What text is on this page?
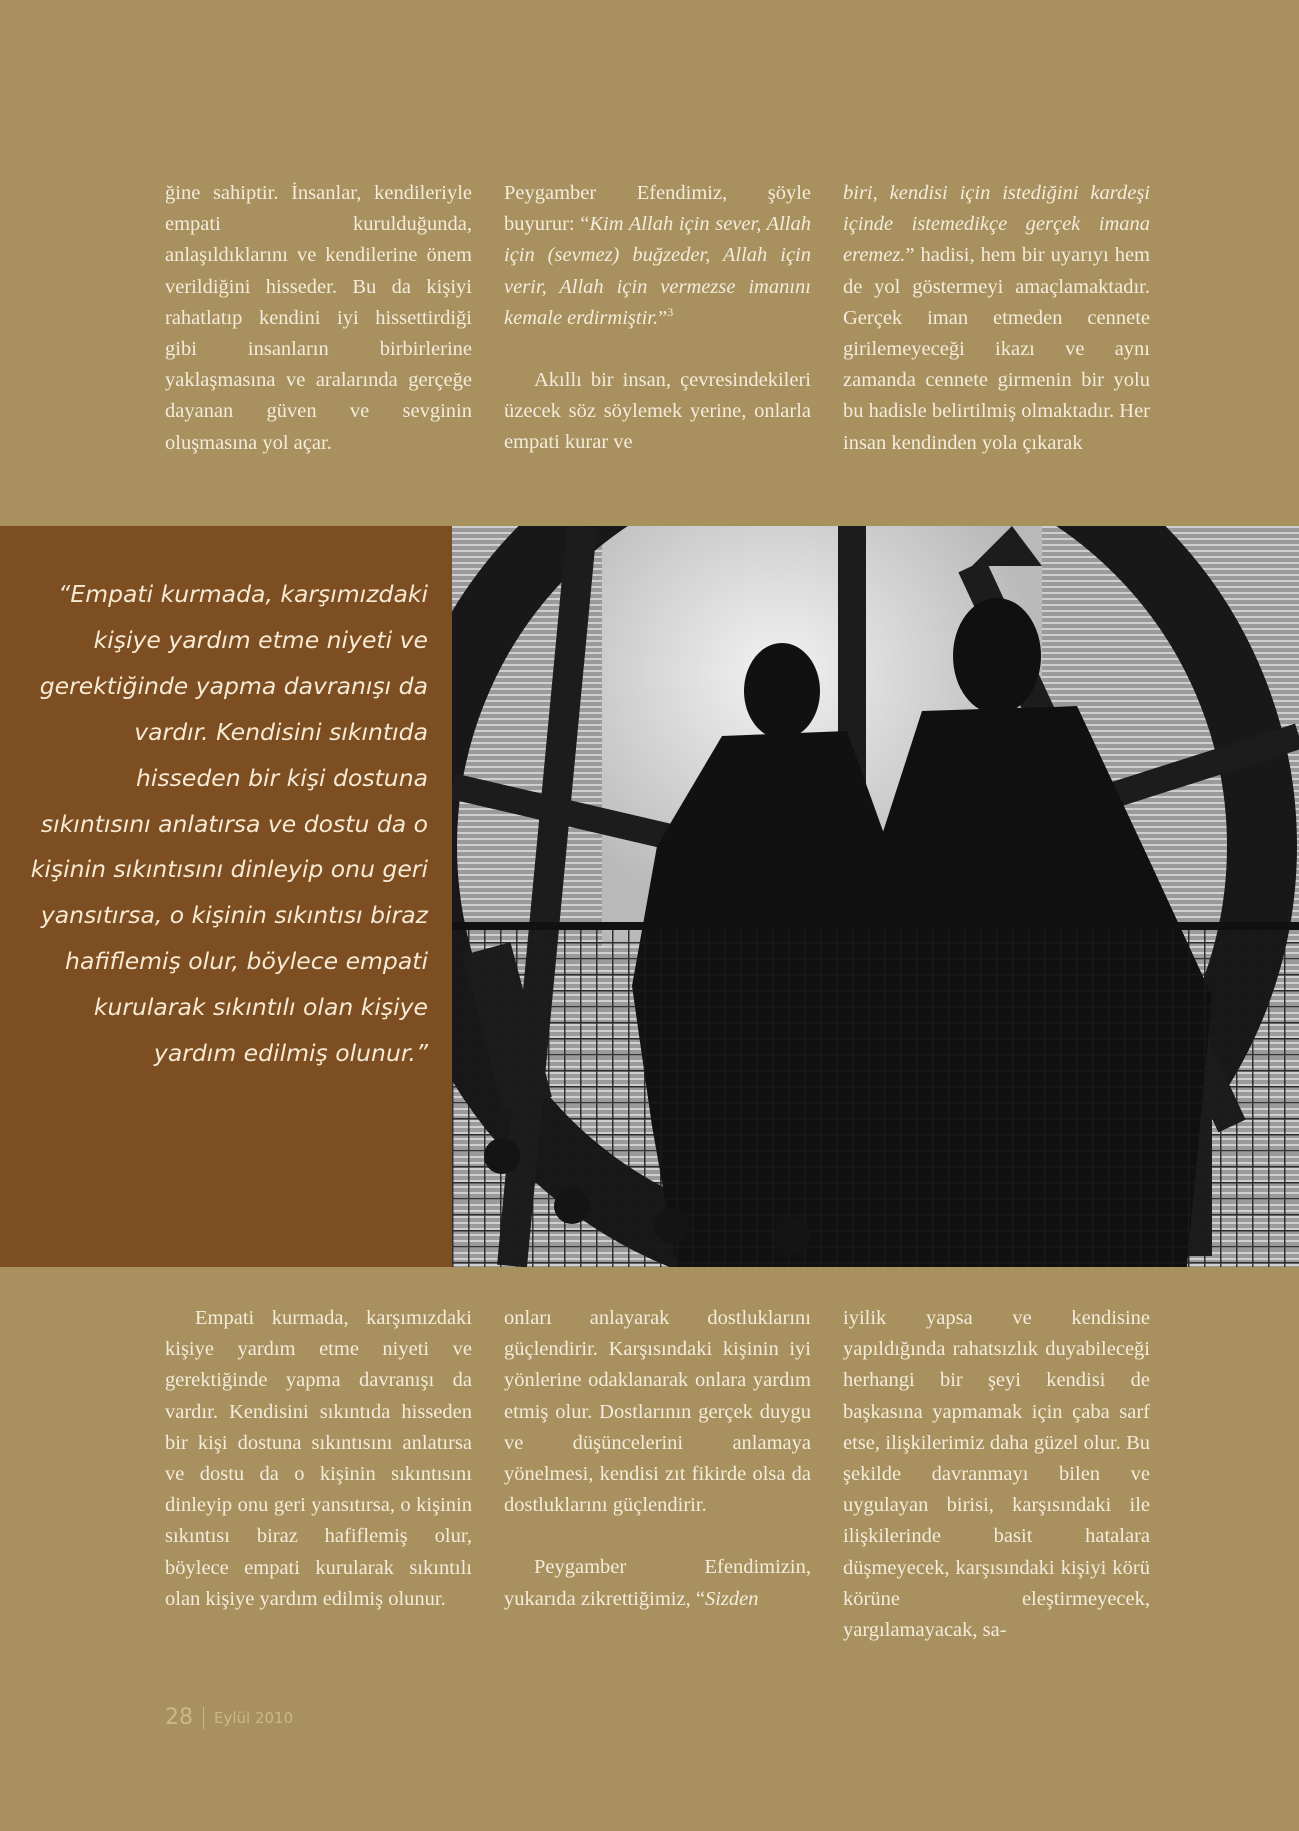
ğine sahiptir. İnsanlar, kendileriyle empati kurulduğunda, anlaşıldıklarını ve kendilerine önem verildiğini hisseder. Bu da kişiyi rahatlatıp kendini iyi hissettirdiği gibi insanların birbirlerine yaklaşmasına ve aralarında gerçeğe dayanan güven ve sevginin oluşmasına yol açar.

Peygamber Efendimiz, şöyle buyurur: “Kim Allah için sever, Allah için (sevmez) buğzeder, Allah için verir, Allah için vermezse imanını kemale erdirmiştir.”$^3$

Akıllı bir insan, çevresindekileri üzecek söz söylemek yerine, onlarla empati kurar ve

biri, kendisi için istediğini kardeşi içinde istemedikçe gerçek imana eremez.” hadisi, hem bir uyarıyı hem de yol göstermeyi amaçlamaktadır. Gerçek iman etmeden cennete girilemeyeceği ikazı ve aynı zamanda cennete girmenin bir yolu bu hadisle belirtilmiş olmaktadır. Her insan kendinden yola çıkarak

“Empati kurmada, karşımızdaki kişiye yardım etme niyeti ve gerektiğinde yapma davranışı da vardır. Kendisini sıkıntıda hisseden bir kişi dostuna sıkıntısını anlatırsa ve dostu da o kişinin sıkıntısını dinleyip onu geri yansıtırsa, o kişinin sıkıntısı biraz hafiflemiş olur, böylece empati kurularak sıkıntılı olan kişiye yardım edilmiş olunur.”

Empati kurmada, karşımızdaki kişiye yardım etme niyeti ve gerektiğinde yapma davranışı da vardır. Kendisini sıkıntıda hisseden bir kişi dostuna sıkıntısını anlatırsa ve dostu da o kişinin sıkıntısını dinleyip onu geri yansıtırsa, o kişinin sıkıntısı biraz hafiflemiş olur, böylece empati kurularak sıkıntılı olan kişiye yardım edilmiş olunur.

onları anlayarak dostluklarını güçlendirir. Karşısındaki kişinin iyi yönlerine odaklanarak onlara yardım etmiş olur. Dostlarının gerçek duygu ve düşüncelerini anlamaya yönelmesi, kendisi zıt fikirde olsa da dostluklarını güçlendirir.

Peygamber Efendimizin, yukarıda zikrettiğimiz, “Sizden

iyilik yapsa ve kendisine yapıldığında rahatsızlık duyabileceği herhangi bir şeyi kendisi de başkasına yapmamak için çaba sarf etse, ilişkilerimiz daha güzel olur. Bu şekilde davranmayı bilen ve uygulayan birisi, karşısındaki ile ilişkilerinde basit hatalara düşmeyecek, karşısındaki kişiyi körü körüne eleştirmeyecek, yargılamayacak, sa-

28 Eylül 2010
